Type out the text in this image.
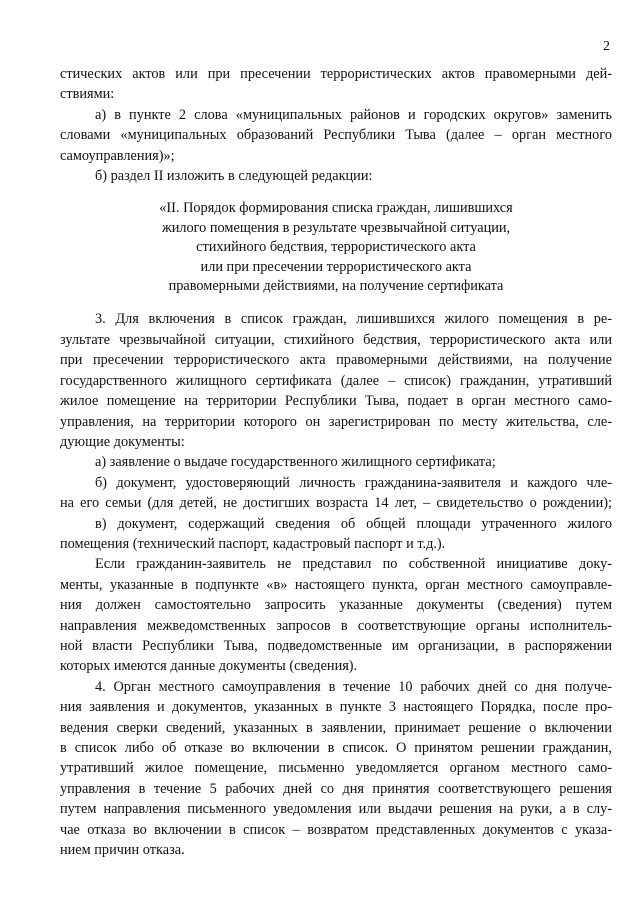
2
стических актов или при пресечении террористических актов правомерными дей-
ствиями:
а) в пункте 2 слова «муниципальных районов и городских округов» заменить
словами «муниципальных образований Республики Тыва (далее – орган местного
самоуправления)»;
б) раздел II изложить в следующей редакции:
«II. Порядок формирования списка граждан, лишившихся
жилого помещения в результате чрезвычайной ситуации,
стихийного бедствия, террористического акта
или при пресечении террористического акта
правомерными действиями, на получение сертификата
3. Для включения в список граждан, лишившихся жилого помещения в ре-
зультате чрезвычайной ситуации, стихийного бедствия, террористического акта или
при пресечении террористического акта правомерными действиями, на получение
государственного жилищного сертификата (далее – список) гражданин, утративший
жилое помещение на территории Республики Тыва, подает в орган местного само-
управления, на территории которого он зарегистрирован по месту жительства, сле-
дующие документы:
а) заявление о выдаче государственного жилищного сертификата;
б) документ, удостоверяющий личность гражданина-заявителя и каждого чле-
на его семьи (для детей, не достигших возраста 14 лет, – свидетельство о рождении);
в) документ, содержащий сведения об общей площади утраченного жилого
помещения (технический паспорт, кадастровый паспорт и т.д.).
Если гражданин-заявитель не представил по собственной инициативе доку-
менты, указанные в подпункте «в» настоящего пункта, орган местного самоуправле-
ния должен самостоятельно запросить указанные документы (сведения) путем
направления межведомственных запросов в соответствующие органы исполнитель-
ной власти Республики Тыва, подведомственные им организации, в распоряжении
которых имеются данные документы (сведения).
4. Орган местного самоуправления в течение 10 рабочих дней со дня получе-
ния заявления и документов, указанных в пункте 3 настоящего Порядка, после про-
ведения сверки сведений, указанных в заявлении, принимает решение о включении
в список либо об отказе во включении в список. О принятом решении гражданин,
утративший жилое помещение, письменно уведомляется органом местного само-
управления в течение 5 рабочих дней со дня принятия соответствующего решения
путем направления письменного уведомления или выдачи решения на руки, а в слу-
чае отказа во включении в список – возвратом представленных документов с указа-
нием причин отказа.
